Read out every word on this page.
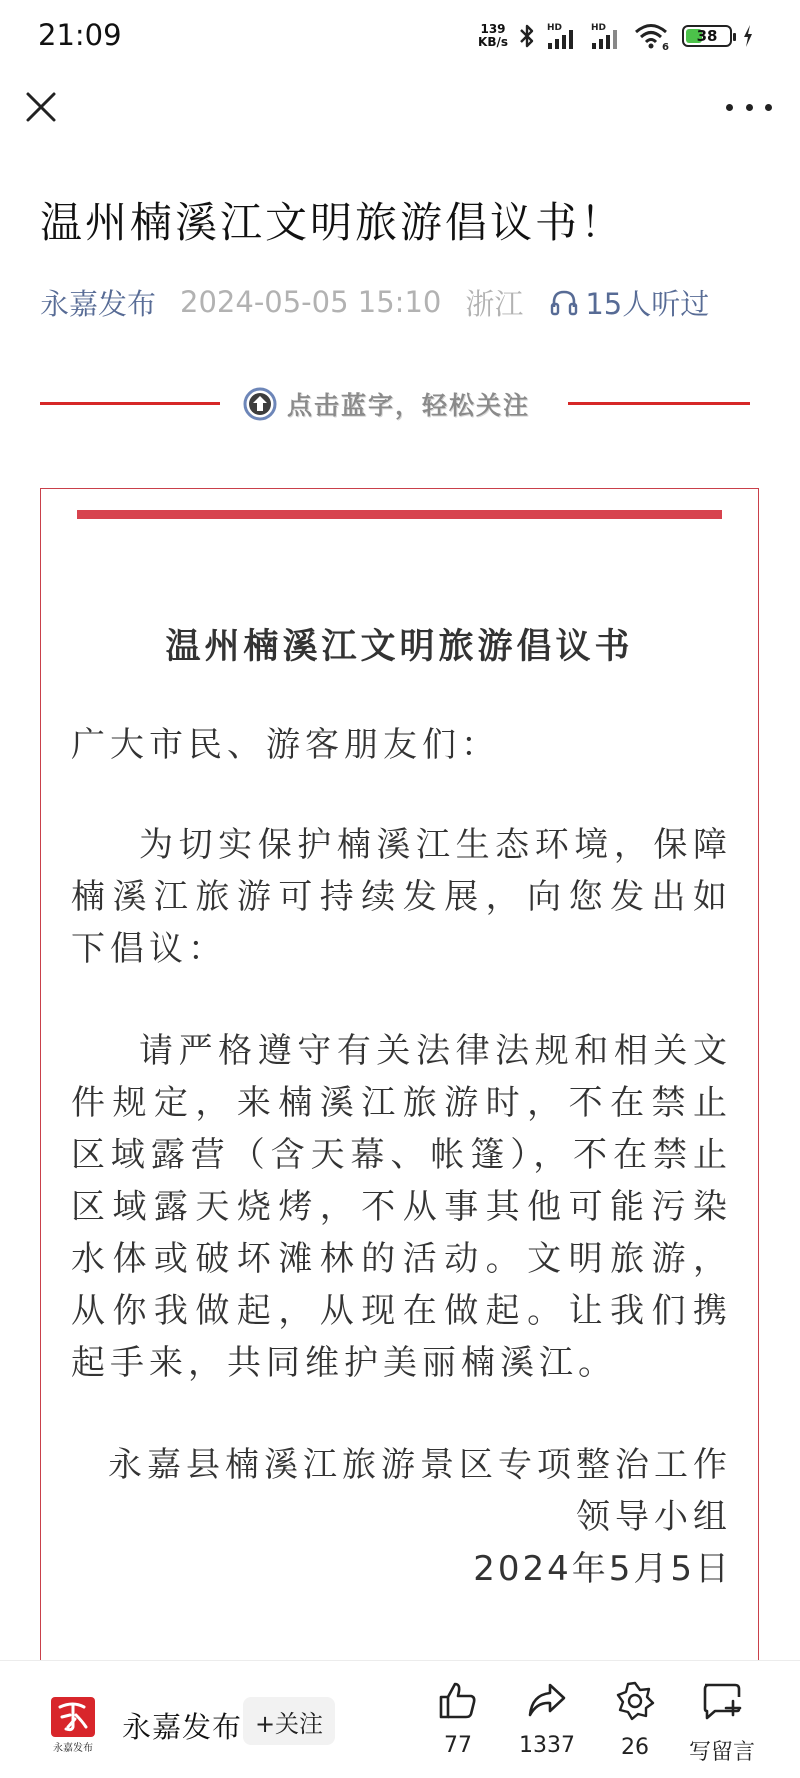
21:09	139
KB/s
HD	HD
6
38
温州楠溪江文明旅游倡议书！
永嘉发布 2024-05-05 15:10 浙江 15人听过
点击蓝字，轻松关注
温州楠溪江文明旅游倡议书
广大市民、游客朋友们：
为切实保护楠溪江生态环境，保障楠溪江旅游可持续发展，向您发出如下倡议：
请严格遵守有关法律法规和相关文件规定，来楠溪江旅游时，不在禁止区域露营（含天幕、帐篷），不在禁止区域露天烧烤，不从事其他可能污染水体或破坏滩林的活动。文明旅游，从你我做起，从现在做起。让我们携起手来，共同维护美丽楠溪江。
永嘉县楠溪江旅游景区专项整治工作
领导小组
2024年5月5日
永嘉发布
永嘉发布 +关注
77 1337 26 写留言
